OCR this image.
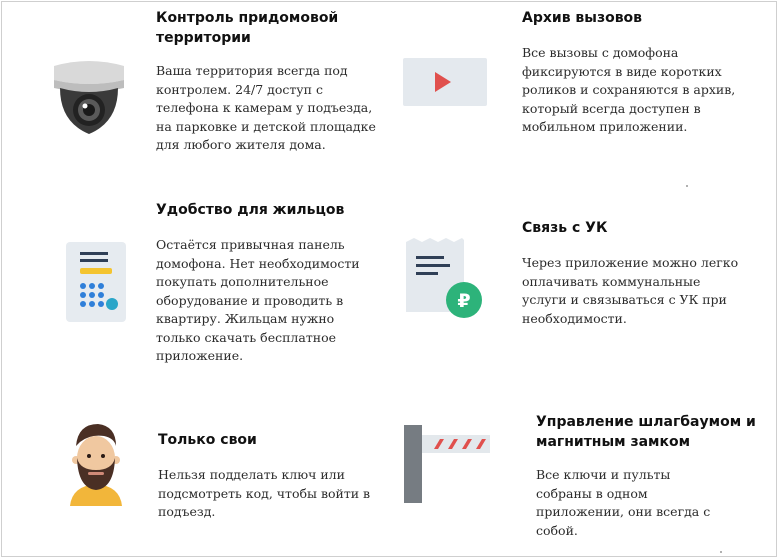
Контроль придомовой территории
Ваша территория всегда под контролем. 24/7 доступ с телефона к камерам у подъезда, на парковке и детской площадке для любого жителя дома.
Архив вызовов
Все вызовы с домофона фиксируются в виде коротких роликов и сохраняются в архив, который всегда доступен в мобильном приложении.
Удобство для жильцов
Остаётся привычная панель домофона. Нет необходимости покупать дополнительное оборудование и проводить в квартиру. Жильцам нужно только скачать бесплатное приложение.
₽
Связь с УК
Через приложение можно легко оплачивать коммунальные услуги и связываться с УК при необходимости.
Только свои
Нельзя подделать ключ или подсмотреть код, чтобы войти в подъезд.
Управление шлагбаумом и магнитным замком
Все ключи и пульты собраны в одном приложении, они всегда с собой.
